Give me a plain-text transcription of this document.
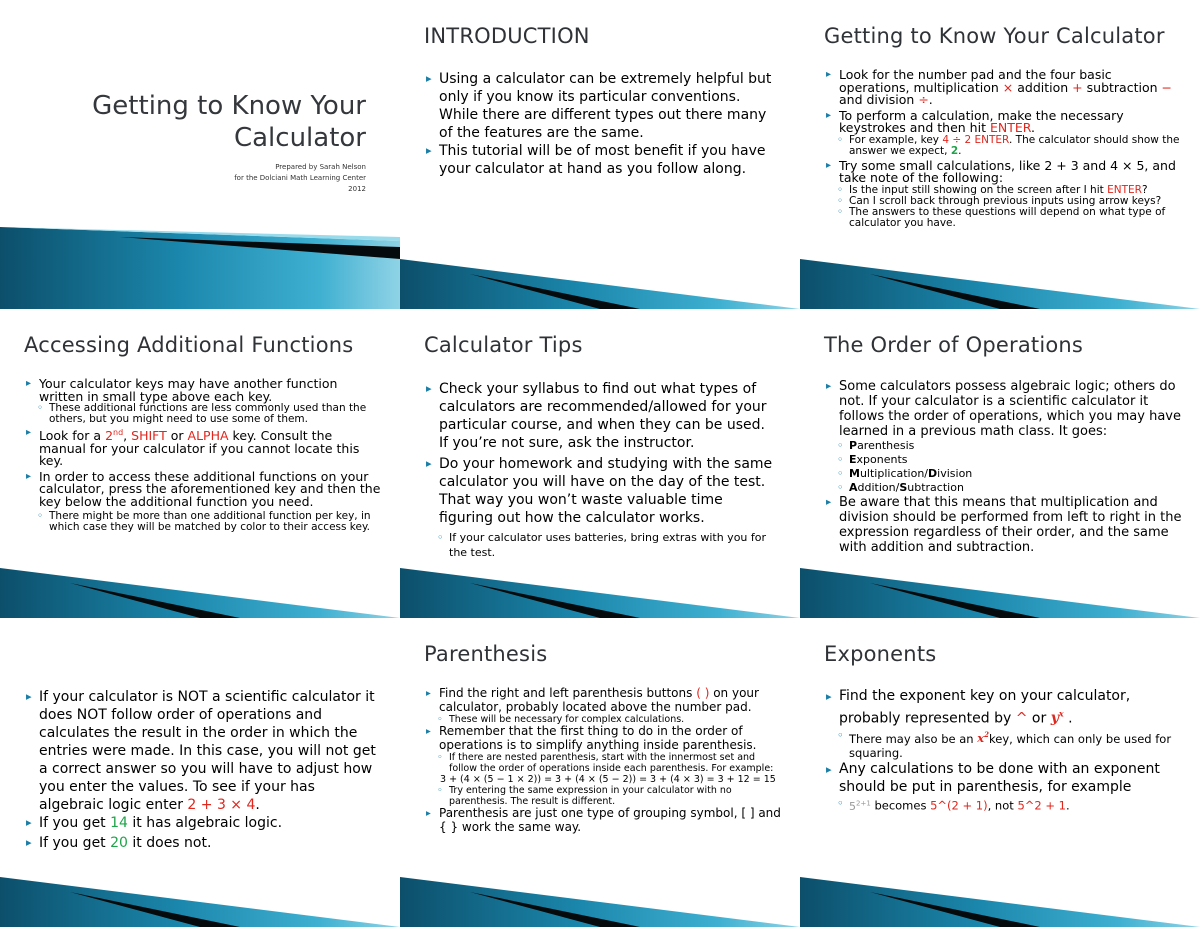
Getting to Know Your Calculator
Prepared by Sarah Nelson
for the Dolciani Math Learning Center
2012
INTRODUCTION
▸ Using a calculator can be extremely helpful but only if you know its particular conventions. While there are different types out there many of the features are the same.
▸ This tutorial will be of most benefit if you have your calculator at hand as you follow along.
Getting to Know Your Calculator
▸ Look for the number pad and the four basic operations, multiplication × addition + subtraction − and division ÷.
▸ To perform a calculation, make the necessary keystrokes and then hit ENTER.
◦ For example, key 4 ÷ 2 ENTER. The calculator should show the answer we expect, 2.
▸ Try some small calculations, like 2 + 3 and 4 × 5, and take note of the following:
◦ Is the input still showing on the screen after I hit ENTER?
◦ Can I scroll back through previous inputs using arrow keys?
◦ The answers to these questions will depend on what type of calculator you have.
Accessing Additional Functions
▸ Your calculator keys may have another function written in small type above each key.
◦ These additional functions are less commonly used than the others, but you might need to use some of them.
▸ Look for a 2nd, SHIFT or ALPHA key. Consult the manual for your calculator if you cannot locate this key.
▸ In order to access these additional functions on your calculator, press the aforementioned key and then the key below the additional function you need.
◦ There might be more than one additional function per key, in which case they will be matched by color to their access key.
Calculator Tips
▸ Check your syllabus to find out what types of calculators are recommended/allowed for your particular course, and when they can be used. If you’re not sure, ask the instructor.
▸ Do your homework and studying with the same calculator you will have on the day of the test. That way you won’t waste valuable time figuring out how the calculator works.
◦ If your calculator uses batteries, bring extras with you for the test.
The Order of Operations
▸ Some calculators possess algebraic logic; others do not. If your calculator is a scientific calculator it follows the order of operations, which you may have learned in a previous math class. It goes:
◦ Parenthesis
◦ Exponents
◦ Multiplication/Division
◦ Addition/Subtraction
▸ Be aware that this means that multiplication and division should be performed from left to right in the expression regardless of their order, and the same with addition and subtraction.
▸ If your calculator is NOT a scientific calculator it does NOT follow order of operations and calculates the result in the order in which the entries were made. In this case, you will not get a correct answer so you will have to adjust how you enter the values. To see if your has algebraic logic enter 2 + 3 × 4.
▸ If you get 14 it has algebraic logic.
▸ If you get 20 it does not.
Parenthesis
▸ Find the right and left parenthesis buttons ( ) on your calculator, probably located above the number pad.
◦ These will be necessary for complex calculations.
▸ Remember that the first thing to do in the order of operations is to simplify anything inside parenthesis.
◦ If there are nested parenthesis, start with the innermost set and follow the order of operations inside each parenthesis. For example:
3 + (4 × (5 − 1 × 2)) = 3 + (4 × (5 − 2)) = 3 + (4 × 3) = 3 + 12 = 15
◦ Try entering the same expression in your calculator with no parenthesis. The result is different.
▸ Parenthesis are just one type of grouping symbol, [ ] and { } work the same way.
Exponents
▸ Find the exponent key on your calculator, probably represented by ^ or $y^x$ .
◦ There may also be an $x^2key$, which can only be used for squaring.
▸ Any calculations to be done with an exponent should be put in parenthesis, for example
◦ $5^{2+1}$ becomes 5^(2 + 1), not 5^2 + 1.
